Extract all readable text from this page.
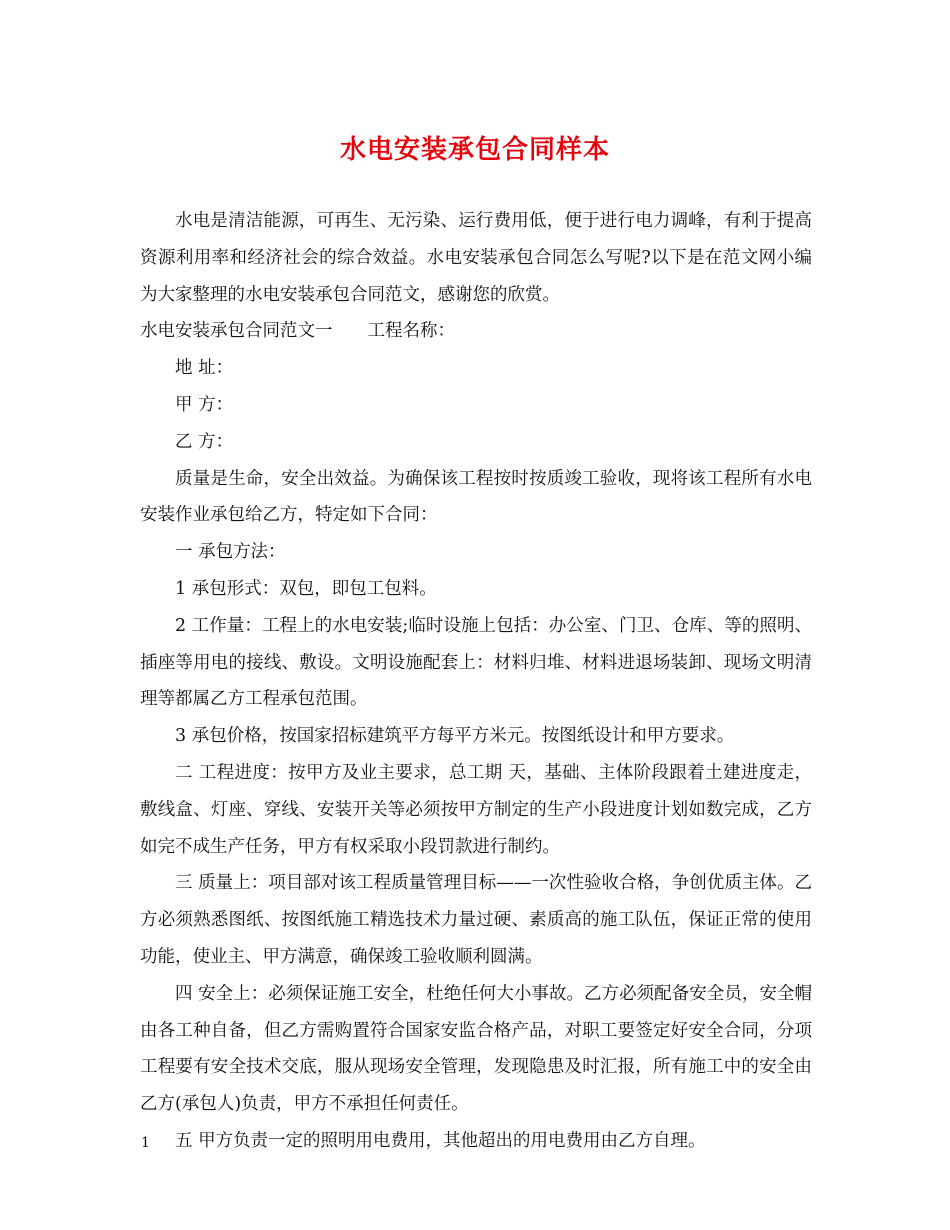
水电安装承包合同样本

水电是清洁能源，可再生、无污染、运行费用低，便于进行电力调峰，有利于提高资源利用率和经济社会的综合效益。水电安装承包合同怎么写呢?以下是在范文网小编为大家整理的水电安装承包合同范文，感谢您的欣赏。

水电安装承包合同范文一　　工程名称：

地 址：

甲 方：

乙 方：

质量是生命，安全出效益。为确保该工程按时按质竣工验收，现将该工程所有水电安装作业承包给乙方，特定如下合同：

一 承包方法：

1 承包形式：双包，即包工包料。

2 工作量：工程上的水电安装;临时设施上包括：办公室、门卫、仓库、等的照明、插座等用电的接线、敷设。文明设施配套上：材料归堆、材料进退场装卸、现场文明清理等都属乙方工程承包范围。

3 承包价格，按国家招标建筑平方每平方米元。按图纸设计和甲方要求。

二 工程进度：按甲方及业主要求，总工期 天，基础、主体阶段跟着土建进度走，敷线盒、灯座、穿线、安装开关等必须按甲方制定的生产小段进度计划如数完成，乙方如完不成生产任务，甲方有权采取小段罚款进行制约。

三 质量上：项目部对该工程质量管理目标——一次性验收合格，争创优质主体。乙方必须熟悉图纸、按图纸施工精选技术力量过硬、素质高的施工队伍，保证正常的使用功能，使业主、甲方满意，确保竣工验收顺利圆满。

四 安全上：必须保证施工安全，杜绝任何大小事故。乙方必须配备安全员，安全帽由各工种自备，但乙方需购置符合国家安监合格产品，对职工要签定好安全合同，分项工程要有安全技术交底，服从现场安全管理，发现隐患及时汇报，所有施工中的安全由乙方(承包人)负责，甲方不承担任何责任。

五 甲方负责一定的照明用电费用，其他超出的用电费用由乙方自理。

1
